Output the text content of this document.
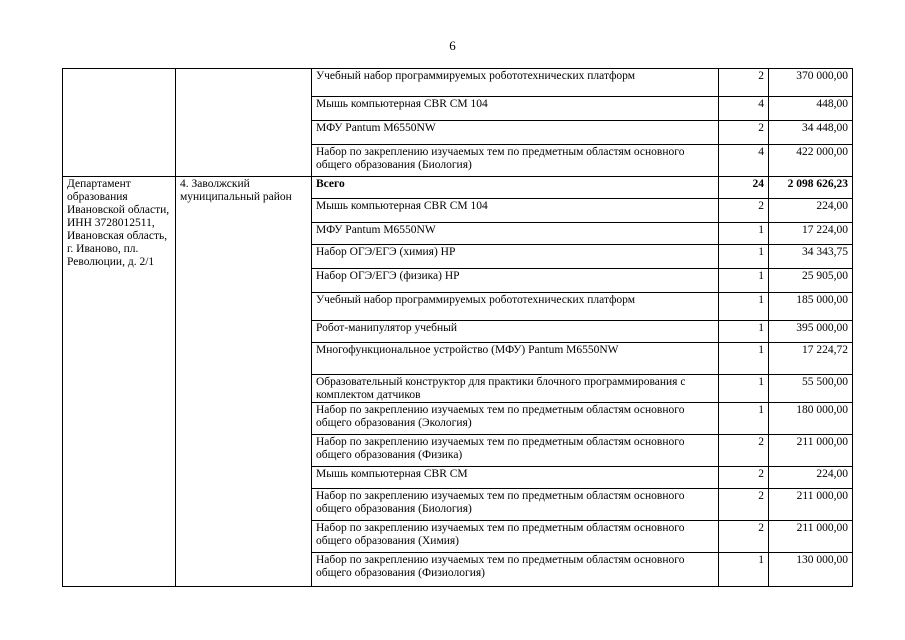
6
		Учебный набор программируемых робототехнических платформ	2	370 000,00
		Мышь компьютерная CBR CM 104	4	448,00
		МФУ Pantum M6550NW	2	34 448,00
		Набор по закреплению изучаемых тем по предметным областям основного общего образования (Биология)	4	422 000,00
Департамент образования Ивановской области, ИНН 3728012511, Ивановская область, г. Иваново, пл. Революции, д. 2/1	4. Заволжский муниципальный район	Всего	24	2 098 626,23
		Мышь компьютерная CBR CM 104	2	224,00
		МФУ Pantum M6550NW	1	17 224,00
		Набор ОГЭ/ЕГЭ (химия) НР	1	34 343,75
		Набор ОГЭ/ЕГЭ (физика) НР	1	25 905,00
		Учебный набор программируемых робототехнических платформ	1	185 000,00
		Робот-манипулятор учебный	1	395 000,00
		Многофункциональное устройство (МФУ) Pantum M6550NW	1	17 224,72
		Образовательный конструктор для практики блочного программирования с комплектом датчиков	1	55 500,00
		Набор по закреплению изучаемых тем по предметным областям основного общего образования (Экология)	1	180 000,00
		Набор по закреплению изучаемых тем по предметным областям основного общего образования (Физика)	2	211 000,00
		Мышь компьютерная CBR CM	2	224,00
		Набор по закреплению изучаемых тем по предметным областям основного общего образования (Биология)	2	211 000,00
		Набор по закреплению изучаемых тем по предметным областям основного общего образования (Химия)	2	211 000,00
		Набор по закреплению изучаемых тем по предметным областям основного общего образования (Физиология)	1	130 000,00
